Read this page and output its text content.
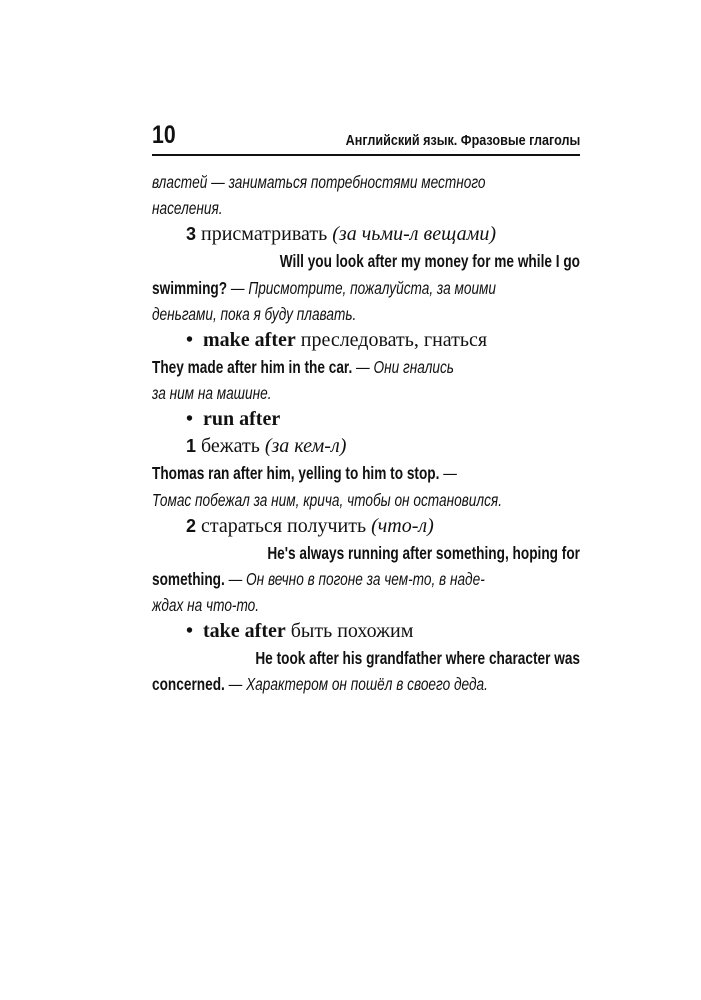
10	Английский язык. Фразовые глаголы
властей — заниматься потребностями местного
населения.
3 присматривать (за чьми-л вещами)
Will you look after my money for me while I go
swimming? — Присмотрите, пожалуйста, за моими
деньгами, пока я буду плавать.
• make after преследовать, гнаться
They made after him in the car. — Они гнались
за ним на машине.
• run after
1 бежать (за кем-л)
Thomas ran after him, yelling to him to stop. —
Томас побежал за ним, крича, чтобы он остановился.
2 стараться получить (что-л)
He's always running after something, hoping for
something. — Он вечно в погоне за чем-то, в наде-
ждах на что-то.
• take after быть похожим
He took after his grandfather where character was
concerned. — Характером он пошёл в своего деда.
